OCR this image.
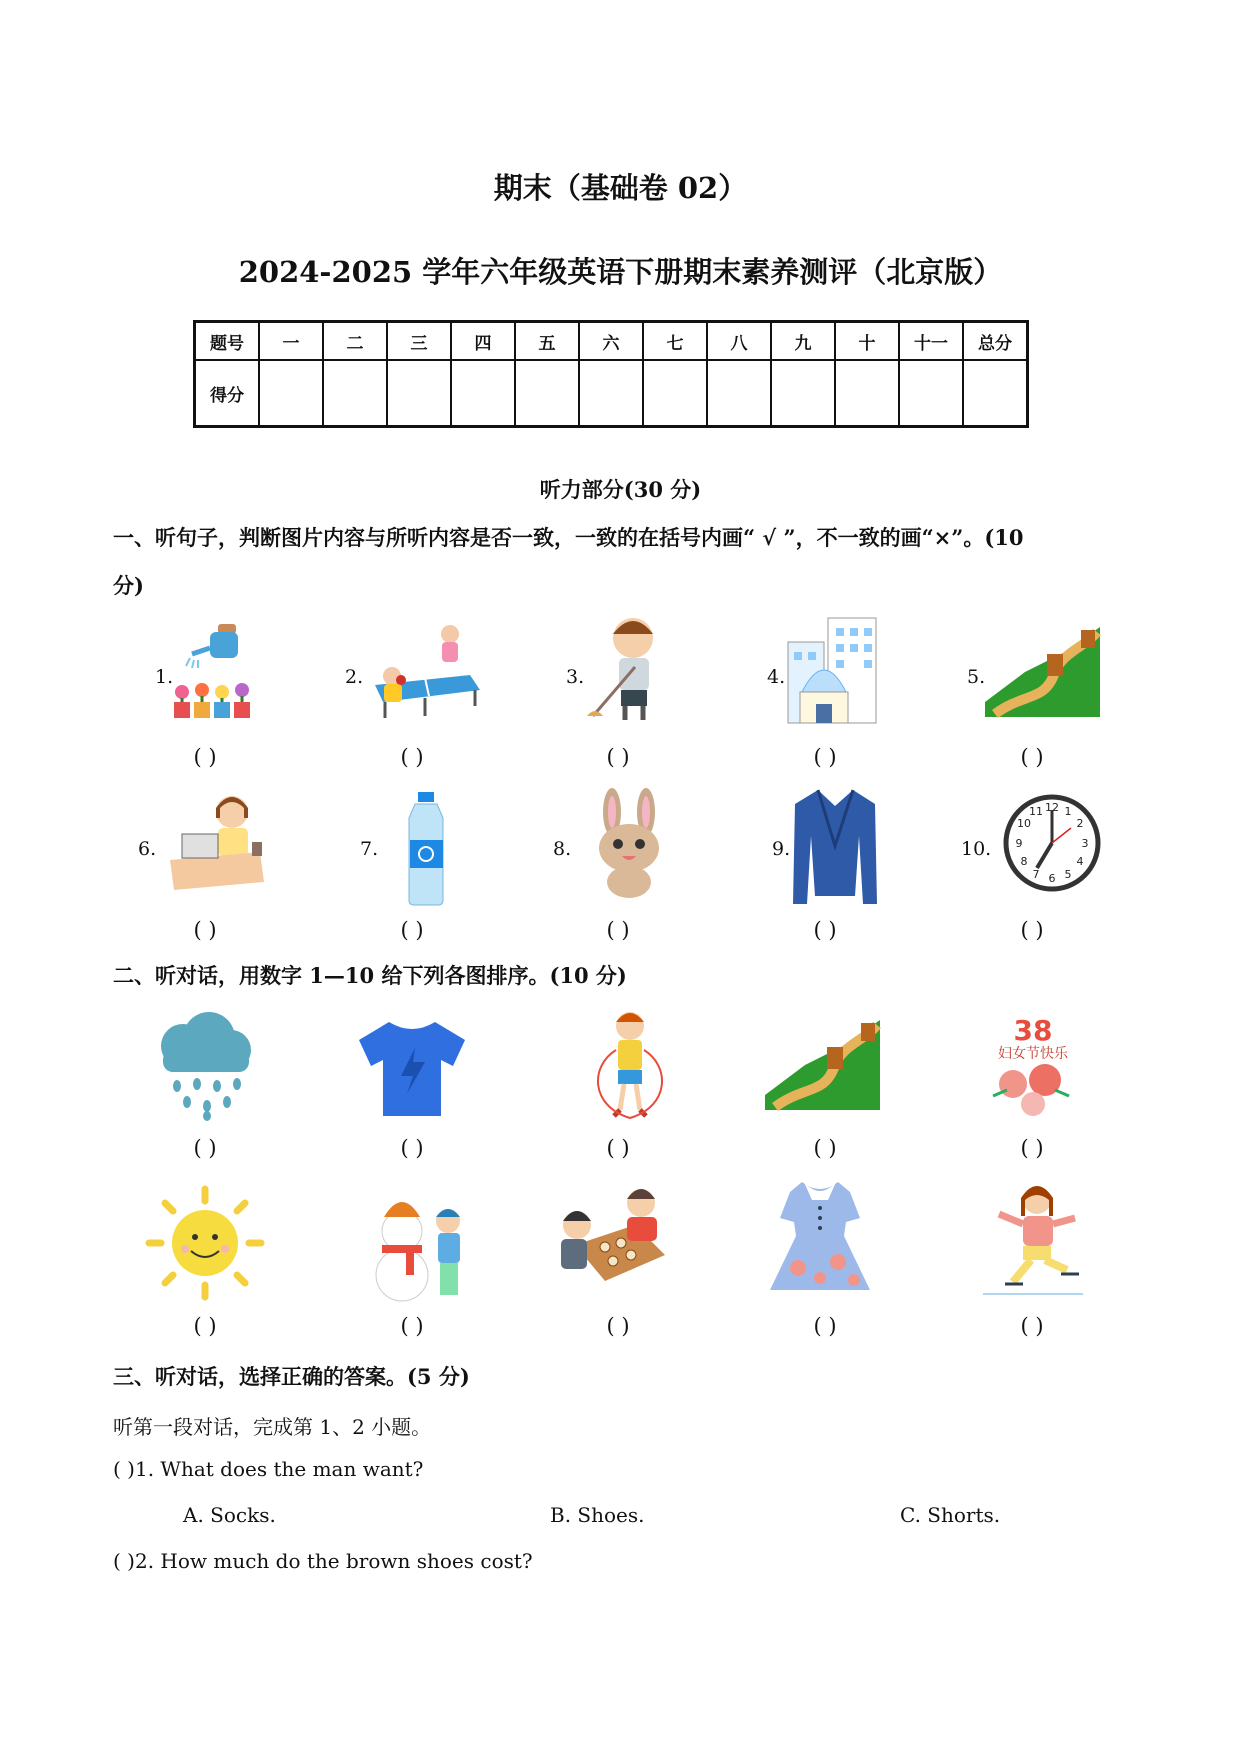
期末（基础卷 02）
2024-2025 学年六年级英语下册期末素养测评（北京版）
题号	一	二	三	四	五	六	七	八	九	十	十一	总分
得分												
听力部分(30 分)
一、听句子，判断图片内容与所听内容是否一致，一致的在括号内画“ √ ”，不一致的画“×”。(10
分)
1.	2.	3.	4.	5.
( )	( )	( )	( )	( )
6.	7.	8.	9.	10.
12 1
2
3
4
5
6
7
8
9
10
11
( )	( )	( )	( )	( )
二、听对话，用数字 1—10 给下列各图排序。(10 分)
38
妇女节快乐
( )	( )	( )	( )	( )
( )	( )	( )	( )	( )
三、听对话，选择正确的答案。(5 分)
听第一段对话，完成第 1、2 小题。
( )1. What does the man want?
A. Socks.	B. Shoes.	C. Shorts.
( )2. How much do the brown shoes cost?
